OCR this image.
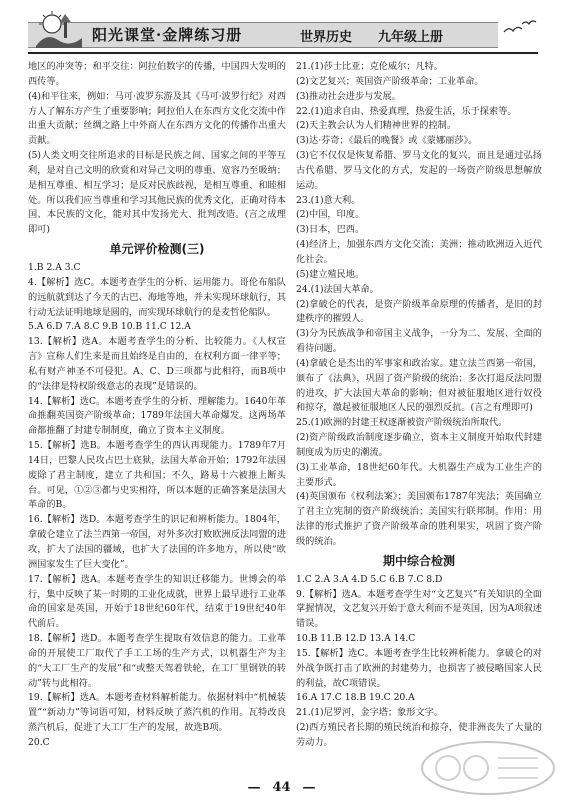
阳光课堂·金牌练习册	世界历史 九年级上册

地区的冲突等；和平交往：阿拉伯数字的传播，中国四大发明的西传等。

(4)和平往来，例如：马可·波罗东游及其《马可·波罗行纪》对西方人了解东方产生了重要影响；阿拉伯人在东西方文化交流中作出重大贡献；丝绸之路上中外商人在东西方文化的传播作出重大贡献。

(5)人类文明交往所追求的目标是民族之间、国家之间的平等互利，是对自己文明的欣赏和对异己文明的尊重、宽容乃至吸纳；是相互尊重、相互学习；是反对民族歧视，是相互尊重、和睦相处。所以我们应当尊重和学习其他民族的优秀文化，正确对待本国、本民族的文化，能对其中发扬光大、批判改造。(言之成理即可)

单元评价检测(三)

1.B 2.A 3.C

4.【解析】选C。本题考查学生的分析、运用能力。哥伦布船队的远航就到达了今天的古巴、海地等地，并未实现环球航行，其行动无法证明地球是圆的，而实现环球航行的是麦哲伦船队。

5.A 6.D 7.A 8.C 9.B 10.B 11.C 12.A

13.【解析】选A。本题考查学生的分析、比较能力。《人权宣言》宣称人们生来是而且始终是自由的，在权利方面一律平等；私有财产神圣不可侵犯。A、C、D三项都与此相符，而B项中的“法律是特权阶级意志的表现”是错误的。

14.【解析】选C。本题考查学生的分析、理解能力。1640年革命推翻英国资产阶级革命；1789年法国大革命爆发。这两场革命都推翻了封建专制制度，确立了资本主义制度。

15.【解析】选B。本题考查学生的西认再现能力。1789年7月14日，巴黎人民攻占巴士底狱，法国大革命开始；1792年法国废除了君主制度，建立了共和国；不久，路易十六被推上断头台。可见，①②③都与史实相符，所以本题的正确答案是法国大革命的B。

16.【解析】选D。本题考查学生的识记和辨析能力。1804年，拿破仑建立了法兰西第一帝国，对外多次打败欧洲反法同盟的进攻，扩大了法国的疆域，也扩大了法国的许多地方，所以使“欧洲国家发生了巨大变化”。

17.【解析】选A。本题考查学生的知识迁移能力。世博会的举行，集中反映了某一时期的工业化成就，世界上最早进行工业革命的国家是英国，开始于18世纪60年代，结束于19世纪40年代前后。

18.【解析】选D。本题考查学生提取有效信息的能力。工业革命的开展使工厂取代了手工工场的生产方式，以机器生产为主的“大工厂生产的发展”和“或整天驾着铁轮，在工厂里钢铁的转动”转与此相符。

19.【解析】选A。本题考查材料解析能力。依据材料中“机械装置”“新动力”等词语可知，材料反映了蒸汽机的作用。瓦特改良蒸汽机后，促进了大工厂生产的发展，故选B项。

20.C

21.(1)莎士比亚；克伦威尔；凡特。

(2)文艺复兴；英国资产阶级革命；工业革命。

(3)推动社会进步与发展。

22.(1)追求自由、热爱真理，热爱生活，乐于探索等。

(2)天主教会认为人们精神世界的控制。

(3)达·芬奇；《最后的晚餐》或《蒙娜丽莎》。

(3)它不仅仅是恢复希腊、罗马文化的复兴，而且是通过弘扬古代希腊、罗马文化的方式，发起的一场资产阶级思想解放运动。

23.(1)意大利。

(2)中国，印度。

(3)日本，巴西。

(4)经济上，加强东西方文化交流；美洲；推动欧洲迈入近代化社会。

(5)建立殖民地。

24.(1)法国大革命。

(2)拿破仑的代表，是资产阶级革命原理的传播者，是旧的封建秩序的摧毁人。

(3)分为民族战争和帝国主义战争，一分为二、发展、全面的看待问题。

(4)拿破仑是杰出的军事家和政治家。建立法兰西第一帝国，颁布了《法典》，巩固了资产阶级的统治；多次打退反法同盟的进攻，扩大法国大革命的影响；但对被征服地区进行奴役和掠夺，激起被征服地区人民的强烈反抗。(言之有理即可)

25.(1)欧洲的封建王权逐渐被资产阶级统治所取代。

(2)资产阶级政治制度逐步确立，资本主义制度开始取代封建制度成为历史的潮流。

(3)工业革命，18世纪60年代。大机器生产成为工业生产的主要形式。

(4)英国颁布《权利法案》；美国颁布1787年宪法；英国确立了君主立宪制的资产阶级统治；美国实行联邦制。作用：用法律的形式推护了资产阶级革命的胜利果实，巩固了资产阶级的统治。

期中综合检测

1.C 2.A 3.A 4.D 5.C 6.B 7.C 8.D

9.【解析】选A。本题考查学生对“文艺复兴”有关知识的全面掌握情况，文艺复兴开始于意大利而不是英国，因为A项叙述错误。

10.B 11.B 12.D 13.A 14.C

15.【解析】选C。本题考查学生比较辨析能力。拿破仑的对外战争既打击了欧洲的封建势力，也损害了被侵略国家人民的利益，故C项错误。

16.A 17.C 18.B 19.C 20.A

21.(1)尼罗河，金字塔；象形文字。

(2)西方殖民者长期的殖民统治和掠夺，使非洲丧失了大量的劳动力。

— 44 —
